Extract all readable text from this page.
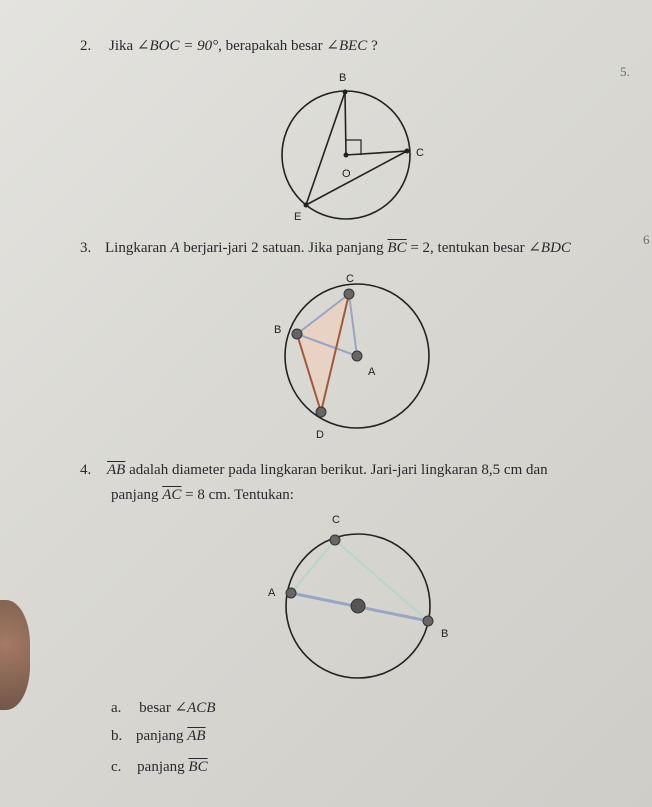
2. Jika ∠BOC = 90°, berapakah besar ∠BEC ?
5.
6
3. Lingkaran A berjari-jari 2 satuan. Jika panjang $\overline{BC} = 2$, tentukan besar ∠BDC
4. $\overline{AB}$ adalah diameter pada lingkaran berikut. Jari-jari lingkaran 8,5 cm dan
panjang $\overline{AC} = 8$ cm. Tentukan:
a. besar ∠ACB
b. panjang $\overline{AB}$
c. panjang $\overline{BC}$
B
C
O
E
C
B
A
D
C
A
B
